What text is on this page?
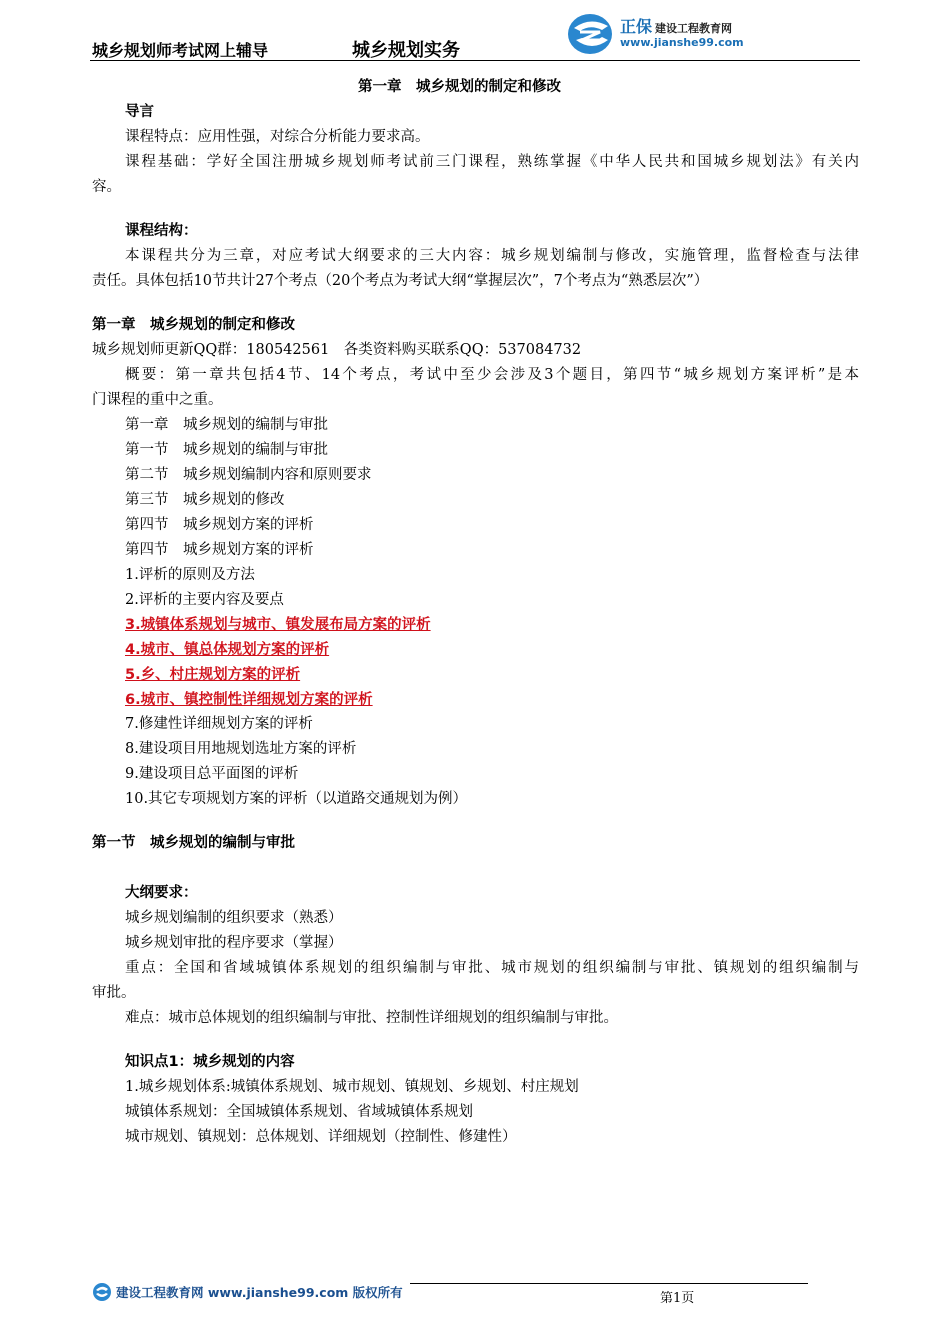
城乡规划师考试网上辅导	城乡规划实务
正保 建设工程教育网
www.jianshe99.com
第一章　城乡规划的制定和修改
导言
课程特点：应用性强，对综合分析能力要求高。
课程基础：学好全国注册城乡规划师考试前三门课程，熟练掌握《中华人民共和国城乡规划法》有关内
容。
课程结构：
本课程共分为三章，对应考试大纲要求的三大内容：城乡规划编制与修改，实施管理，监督检查与法律
责任。具体包括10节共计27个考点（20个考点为考试大纲“掌握层次”，7个考点为“熟悉层次”）
第一章　城乡规划的制定和修改
城乡规划师更新QQ群：180542561　各类资料购买联系QQ：537084732
概要：第一章共包括4节、14个考点，考试中至少会涉及3个题目，第四节“城乡规划方案评析”是本
门课程的重中之重。
第一章　城乡规划的编制与审批
第一节　城乡规划的编制与审批
第二节　城乡规划编制内容和原则要求
第三节　城乡规划的修改
第四节　城乡规划方案的评析
第四节　城乡规划方案的评析
1.评析的原则及方法
2.评析的主要内容及要点
3.城镇体系规划与城市、镇发展布局方案的评析
4.城市、镇总体规划方案的评析
5.乡、村庄规划方案的评析
6.城市、镇控制性详细规划方案的评析
7.修建性详细规划方案的评析
8.建设项目用地规划选址方案的评析
9.建设项目总平面图的评析
10.其它专项规划方案的评析（以道路交通规划为例）
第一节　城乡规划的编制与审批
大纲要求：
城乡规划编制的组织要求（熟悉）
城乡规划审批的程序要求（掌握）
重点：全国和省域城镇体系规划的组织编制与审批、城市规划的组织编制与审批、镇规划的组织编制与
审批。
难点：城市总体规划的组织编制与审批、控制性详细规划的组织编制与审批。
知识点1：城乡规划的内容
1.城乡规划体系:城镇体系规划、城市规划、镇规划、乡规划、村庄规划
城镇体系规划：全国城镇体系规划、省域城镇体系规划
城市规划、镇规划：总体规划、详细规划（控制性、修建性）
建设工程教育网 www.jianshe99.com 版权所有	第1页
